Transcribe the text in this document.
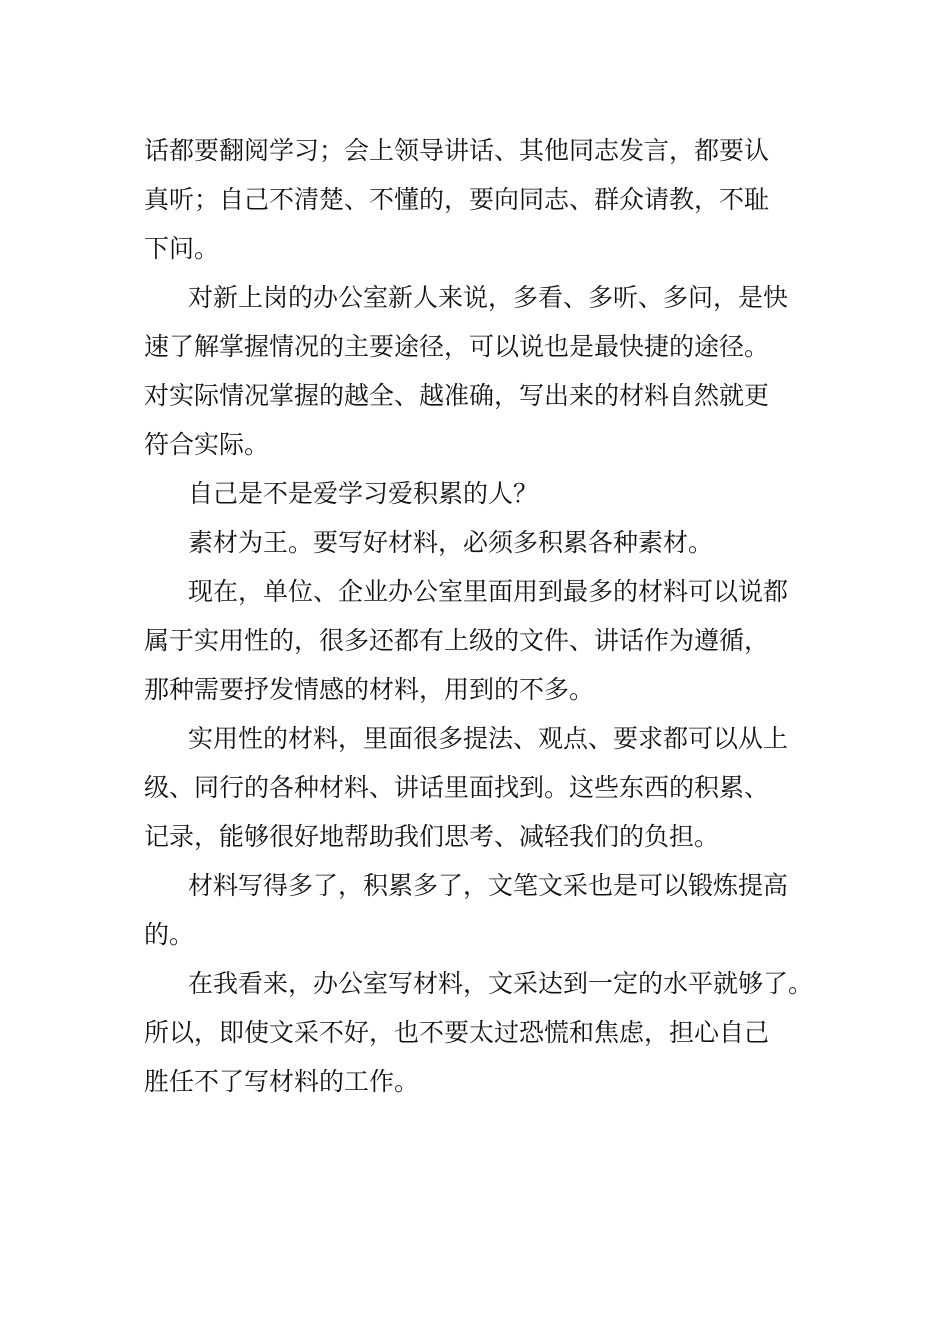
话都要翻阅学习；会上领导讲话、其他同志发言，都要认
真听；自己不清楚、不懂的，要向同志、群众请教，不耻
下问。
对新上岗的办公室新人来说，多看、多听、多问，是快
速了解掌握情况的主要途径，可以说也是最快捷的途径。
对实际情况掌握的越全、越准确，写出来的材料自然就更
符合实际。
自己是不是爱学习爱积累的人？
素材为王。要写好材料，必须多积累各种素材。
现在，单位、企业办公室里面用到最多的材料可以说都
属于实用性的，很多还都有上级的文件、讲话作为遵循，
那种需要抒发情感的材料，用到的不多。
实用性的材料，里面很多提法、观点、要求都可以从上
级、同行的各种材料、讲话里面找到。这些东西的积累、
记录，能够很好地帮助我们思考、减轻我们的负担。
材料写得多了，积累多了，文笔文采也是可以锻炼提高
的。
在我看来，办公室写材料，文采达到一定的水平就够了。
所以，即使文采不好，也不要太过恐慌和焦虑，担心自己
胜任不了写材料的工作。
